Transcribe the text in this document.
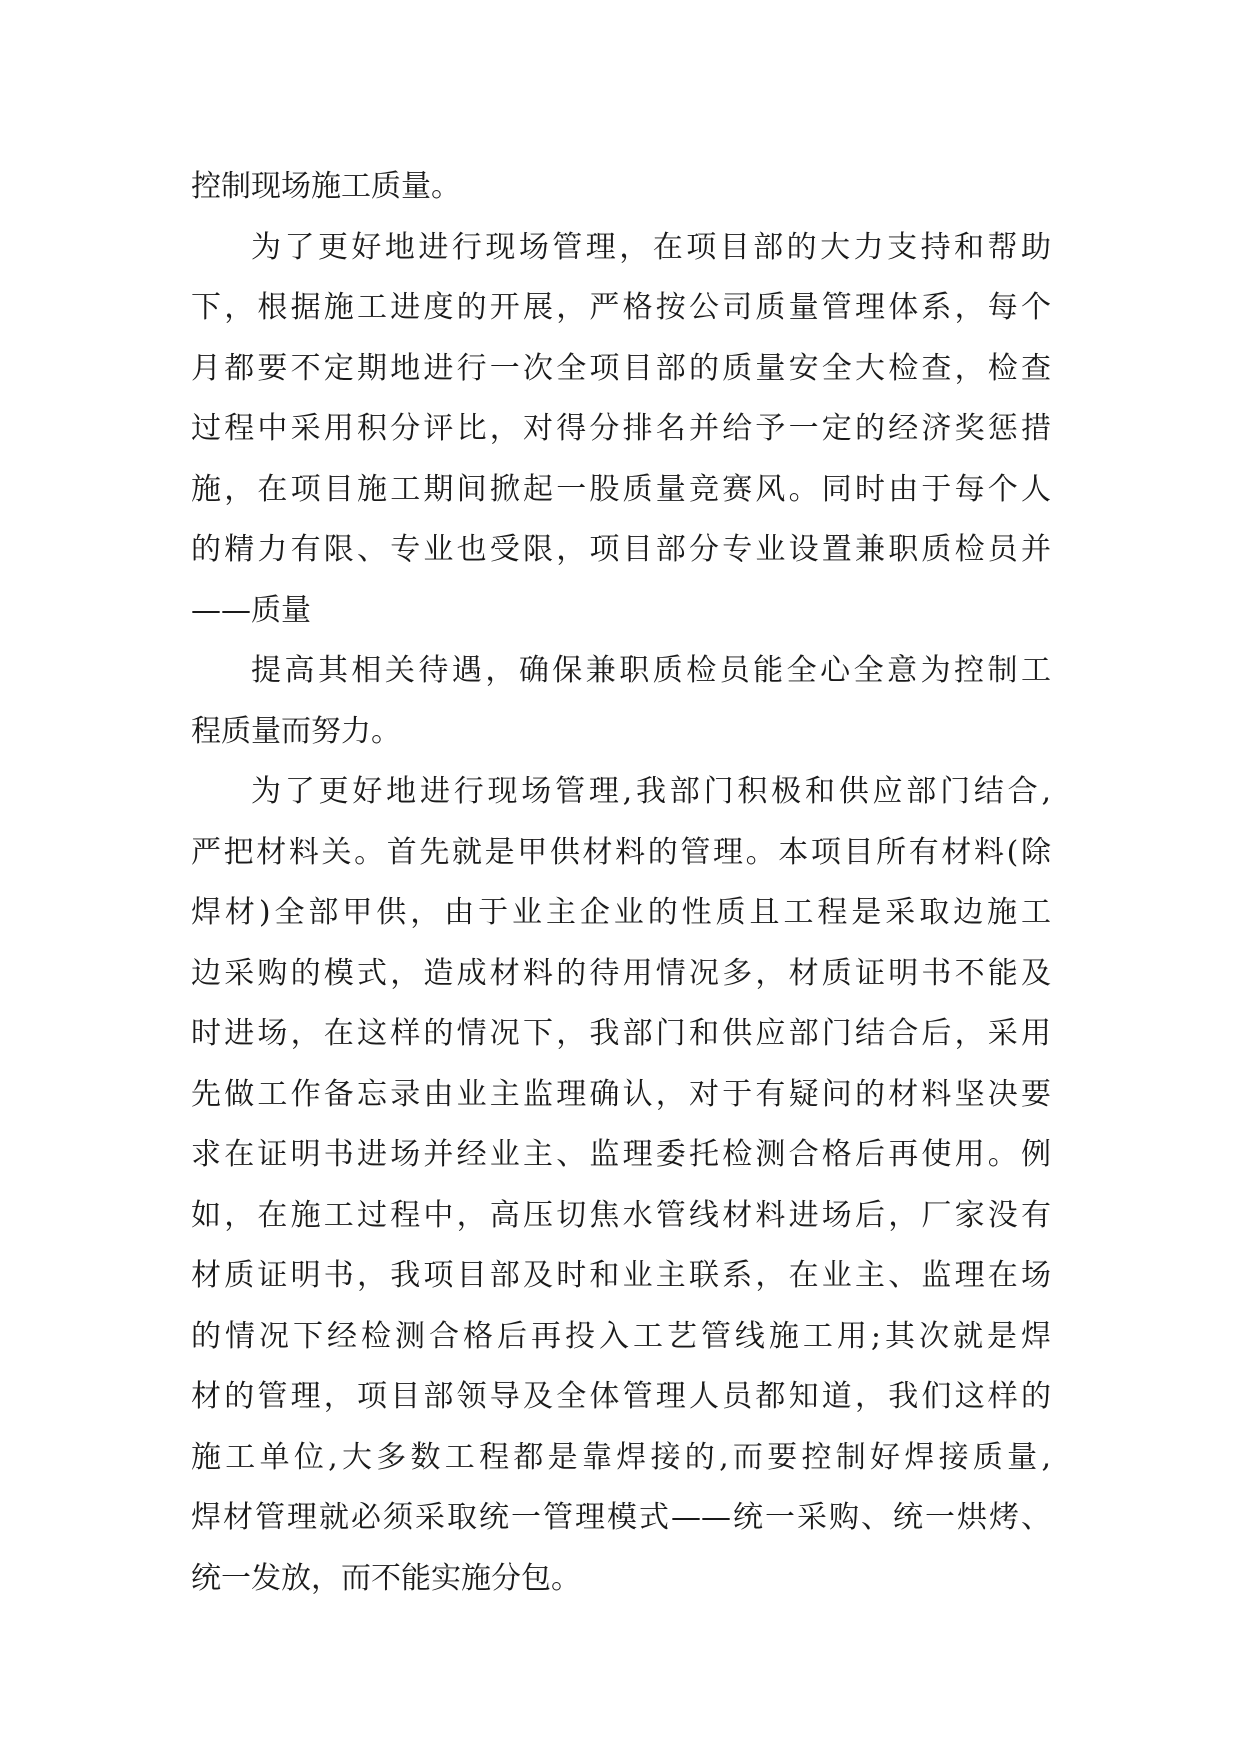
控制现场施工质量。
为了更好地进行现场管理，在项目部的大力支持和帮助
下，根据施工进度的开展，严格按公司质量管理体系，每个
月都要不定期地进行一次全项目部的质量安全大检查，检查
过程中采用积分评比，对得分排名并给予一定的经济奖惩措
施，在项目施工期间掀起一股质量竞赛风。同时由于每个人
的精力有限、专业也受限，项目部分专业设置兼职质检员并
——质量
提高其相关待遇，确保兼职质检员能全心全意为控制工
程质量而努力。
为了更好地进行现场管理,我部门积极和供应部门结合,
严把材料关。首先就是甲供材料的管理。本项目所有材料(除
焊材)全部甲供，由于业主企业的性质且工程是采取边施工
边采购的模式，造成材料的待用情况多，材质证明书不能及
时进场，在这样的情况下，我部门和供应部门结合后，采用
先做工作备忘录由业主监理确认，对于有疑问的材料坚决要
求在证明书进场并经业主、监理委托检测合格后再使用。例
如，在施工过程中，高压切焦水管线材料进场后，厂家没有
材质证明书，我项目部及时和业主联系，在业主、监理在场
的情况下经检测合格后再投入工艺管线施工用;其次就是焊
材的管理，项目部领导及全体管理人员都知道，我们这样的
施工单位,大多数工程都是靠焊接的,而要控制好焊接质量,
焊材管理就必须采取统一管理模式——统一采购、统一烘烤、
统一发放，而不能实施分包。
